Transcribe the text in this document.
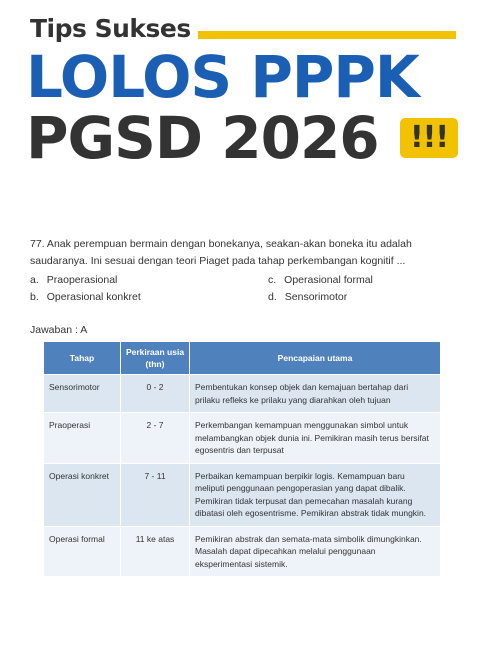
Tips Sukses
LOLOS PPPK
PGSD 2026	!!!

77. Anak perempuan bermain dengan bonekanya, seakan-akan boneka itu adalah saudaranya. Ini sesuai dengan teori Piaget pada tahap perkembangan kognitif ...

a. Praoperasional	c. Operasional formal
b. Operasional konkret	d. Sensorimotor
Jawaban : A
Tahap	Perkiraan usia (thn)	Pencapaian utama
Sensorimotor	0 - 2	Pembentukan konsep objek dan kemajuan bertahap dari prilaku refleks ke prilaku yang diarahkan oleh tujuan
Praoperasi	2 - 7	Perkembangan kemampuan menggunakan simbol untuk melambangkan objek dunia ini. Pemikiran masih terus bersifat egosentris dan terpusat
Operasi konkret	7 - 11	Perbaikan kemampuan berpikir logis. Kemampuan baru meliputi penggunaan pengoperasian yang dapat dibalik. Pemikiran tidak terpusat dan pemecahan masalah kurang dibatasi oleh egosentrisme. Pemikiran abstrak tidak mungkin.
Operasi formal	11 ke atas	Pemikiran abstrak dan semata-mata simbolik dimungkinkan. Masalah dapat dipecahkan melalui penggunaan eksperimentasi sistemik.
